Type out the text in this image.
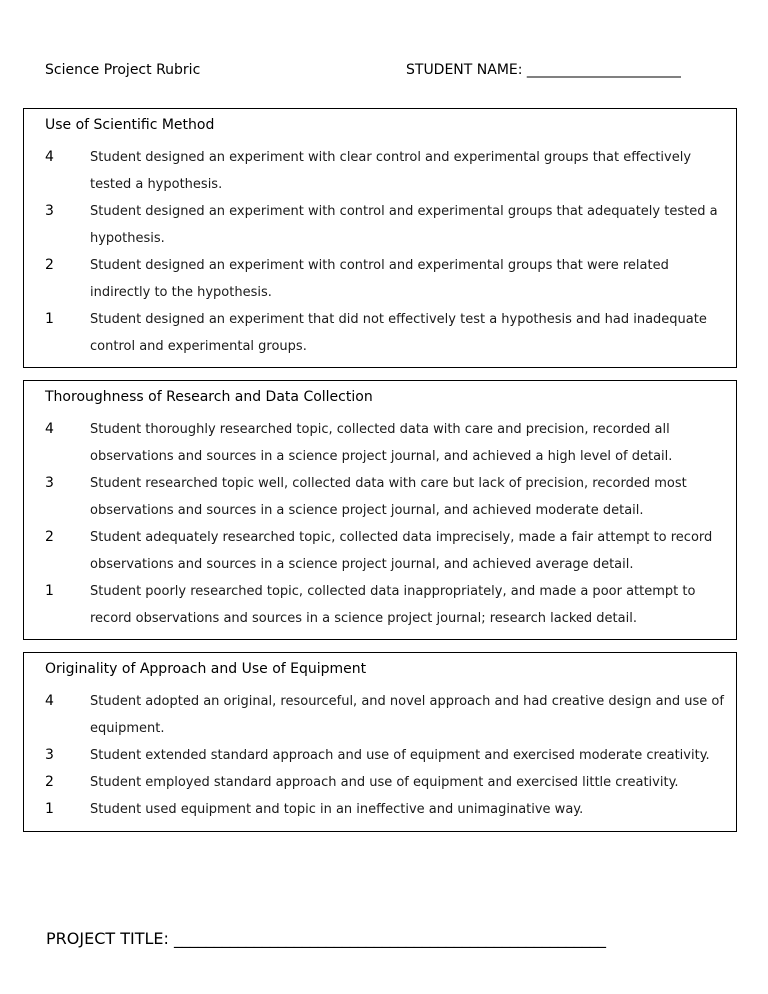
Science Project Rubric	STUDENT NAME: ______________________
Use of Scientific Method
4	Student designed an experiment with clear control and experimental groups that effectively tested a hypothesis.
3	Student designed an experiment with control and experimental groups that adequately tested a hypothesis.
2	Student designed an experiment with control and experimental groups that were related indirectly to the hypothesis.
1	Student designed an experiment that did not effectively test a hypothesis and had inadequate control and experimental groups.
Thoroughness of Research and Data Collection
4	Student thoroughly researched topic, collected data with care and precision, recorded all observations and sources in a science project journal, and achieved a high level of detail.
3	Student researched topic well, collected data with care but lack of precision, recorded most observations and sources in a science project journal, and achieved moderate detail.
2	Student adequately researched topic, collected data imprecisely, made a fair attempt to record observations and sources in a science project journal, and achieved average detail.
1	Student poorly researched topic, collected data inappropriately, and made a poor attempt to record observations and sources in a science project journal; research lacked detail.
Originality of Approach and Use of Equipment
4	Student adopted an original, resourceful, and novel approach and had creative design and use of equipment.
3	Student extended standard approach and use of equipment and exercised moderate creativity.
2	Student employed standard approach and use of equipment and exercised little creativity.
1	Student used equipment and topic in an ineffective and unimaginative way.
PROJECT TITLE: ______________________________________________________
